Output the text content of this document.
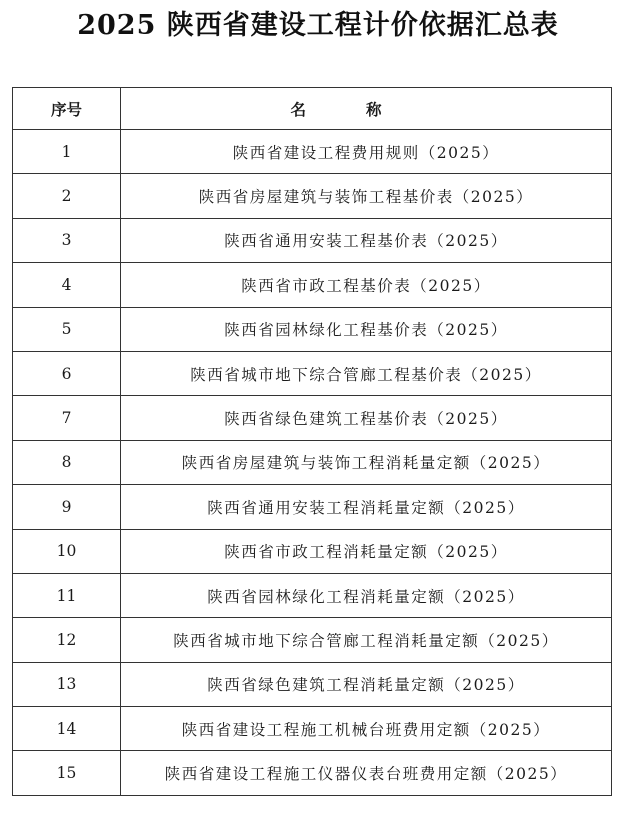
2025 陕西省建设工程计价依据汇总表
序号	名称
1	陕西省建设工程费用规则（2025）
2	陕西省房屋建筑与装饰工程基价表（2025）
3	陕西省通用安装工程基价表（2025）
4	陕西省市政工程基价表（2025）
5	陕西省园林绿化工程基价表（2025）
6	陕西省城市地下综合管廊工程基价表（2025）
7	陕西省绿色建筑工程基价表（2025）
8	陕西省房屋建筑与装饰工程消耗量定额（2025）
9	陕西省通用安装工程消耗量定额（2025）
10	陕西省市政工程消耗量定额（2025）
11	陕西省园林绿化工程消耗量定额（2025）
12	陕西省城市地下综合管廊工程消耗量定额（2025）
13	陕西省绿色建筑工程消耗量定额（2025）
14	陕西省建设工程施工机械台班费用定额（2025）
15	陕西省建设工程施工仪器仪表台班费用定额（2025）
